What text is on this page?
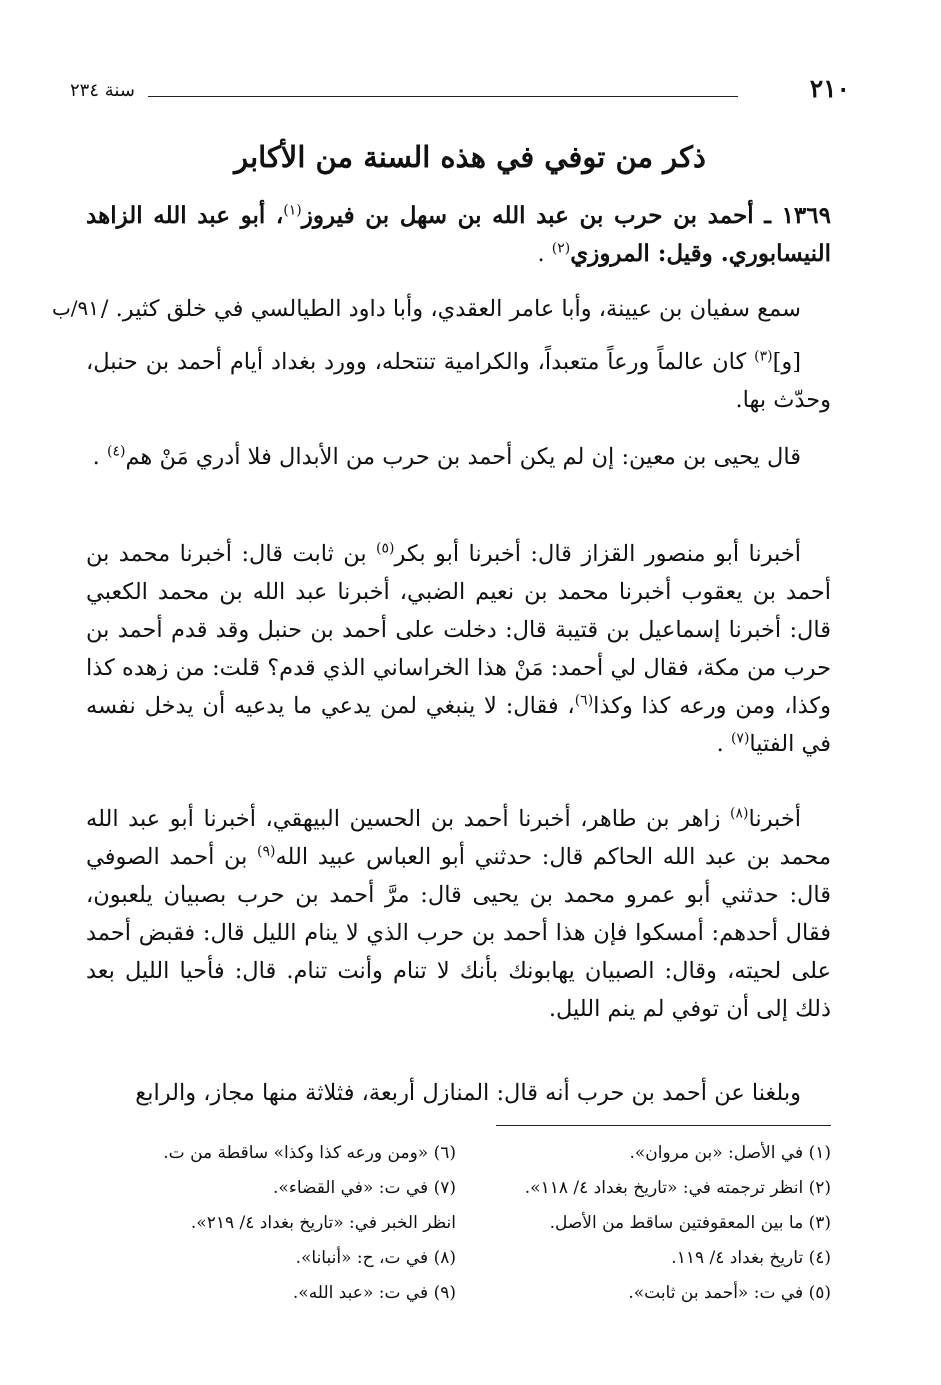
٢١٠
سنة ٢٣٤
ذكر من توفي في هذه السنة من الأكابر
٩١/ب
١٣٦٩ ـ أحمد بن حرب بن عبد الله بن سهل بن فيروز$^{(١)}$، أبو عبد الله الزاهد النيسابوري. وقيل: المروزي$^{(٢)}$ .
سمع سفيان بن عيينة، وأبا عامر العقدي، وأبا داود الطيالسي في خلق كثير. /
[و]$^{(٣)}$ كان عالماً ورعاً متعبداً، والكرامية تنتحله، وورد بغداد أيام أحمد بن حنبل، وحدّث بها.
قال يحيى بن معين: إن لم يكن أحمد بن حرب من الأبدال فلا أدري مَنْ هم$^{(٤)}$ .
أخبرنا أبو منصور القزاز قال: أخبرنا أبو بكر$^{(٥)}$ بن ثابت قال: أخبرنا محمد بن أحمد بن يعقوب أخبرنا محمد بن نعيم الضبي، أخبرنا عبد الله بن محمد الكعبي قال: أخبرنا إسماعيل بن قتيبة قال: دخلت على أحمد بن حنبل وقد قدم أحمد بن حرب من مكة، فقال لي أحمد: مَنْ هذا الخراساني الذي قدم؟ قلت: من زهده كذا وكذا، ومن ورعه كذا وكذا$^{(٦)}$، فقال: لا ينبغي لمن يدعي ما يدعيه أن يدخل نفسه في الفتيا$^{(٧)}$ .
أخبرنا$^{(٨)}$ زاهر بن طاهر، أخبرنا أحمد بن الحسين البيهقي، أخبرنا أبو عبد الله محمد بن عبد الله الحاكم قال: حدثني أبو العباس عبيد الله$^{(٩)}$ بن أحمد الصوفي قال: حدثني أبو عمرو محمد بن يحيى قال: مرَّ أحمد بن حرب بصبيان يلعبون، فقال أحدهم: أمسكوا فإن هذا أحمد بن حرب الذي لا ينام الليل قال: فقبض أحمد على لحيته، وقال: الصبيان يهابونك بأنك لا تنام وأنت تنام. قال: فأحيا الليل بعد ذلك إلى أن توفي لم ينم الليل.
وبلغنا عن أحمد بن حرب أنه قال: المنازل أربعة، فثلاثة منها مجاز، والرابع

(١) في الأصل: «بن مروان».

(٢) انظر ترجمته في: «تاريخ بغداد ٤/ ١١٨».

(٣) ما بين المعقوفتين ساقط من الأصل.

(٤) تاريخ بغداد ٤/ ١١٩.

(٥) في ت: «أحمد بن ثابت».

(٦) «ومن ورعه كذا وكذا» ساقطة من ت.

(٧) في ت: «في القضاء».

انظر الخبر في: «تاريخ بغداد ٤/ ٢١٩».

(٨) في ت، ح: «أنبانا».

(٩) في ت: «عبد الله».
